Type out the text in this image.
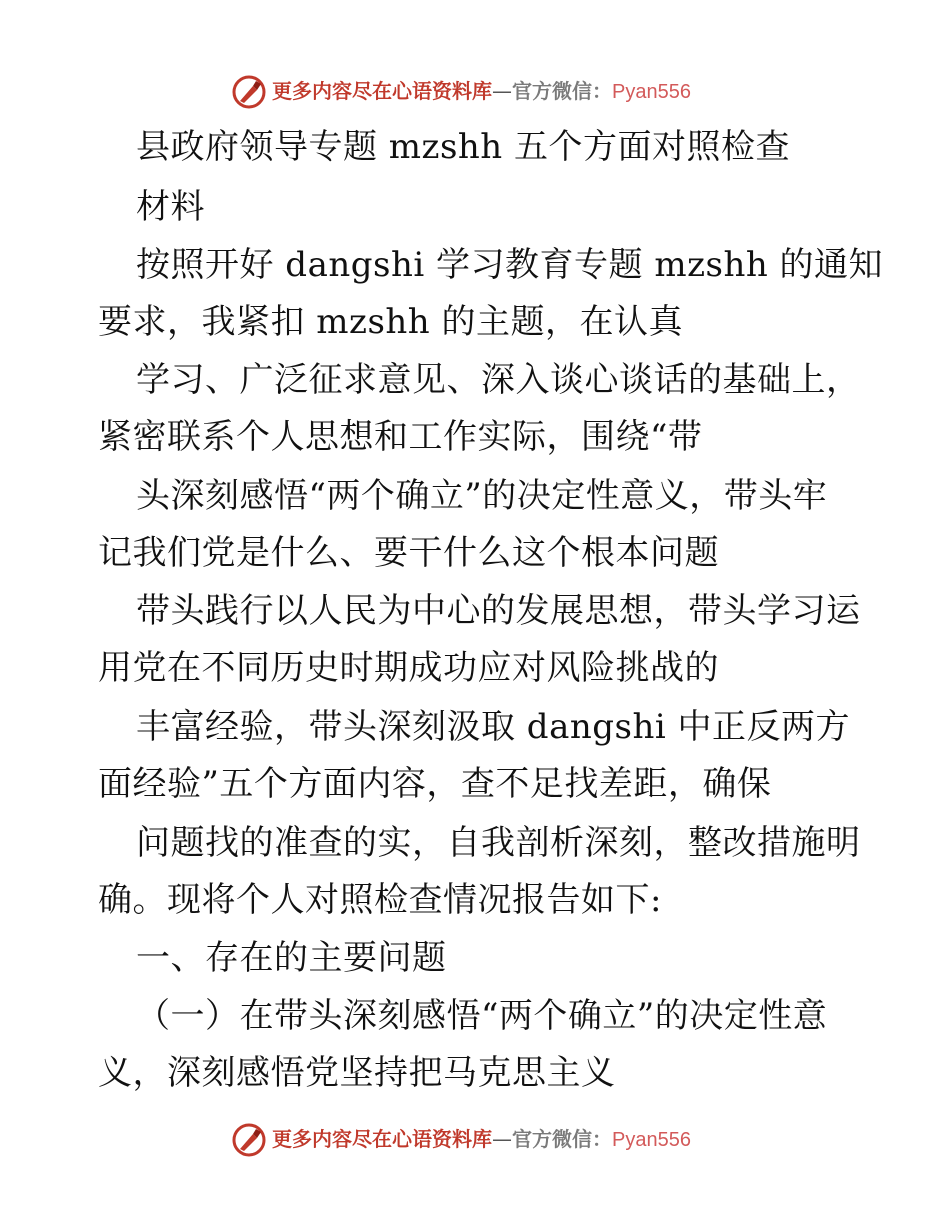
更多内容尽在心语资料库—官方微信：Pyan556
县政府领导专题 mzshh 五个方面对照检查
材料
按照开好 dangshi 学习教育专题 mzshh 的通知
要求，我紧扣 mzshh 的主题，在认真
学习、广泛征求意见、深入谈心谈话的基础上，
紧密联系个人思想和工作实际，围绕“带
头深刻感悟“两个确立”的决定性意义，带头牢
记我们党是什么、要干什么这个根本问题
带头践行以人民为中心的发展思想，带头学习运
用党在不同历史时期成功应对风险挑战的
丰富经验，带头深刻汲取 dangshi 中正反两方
面经验”五个方面内容，查不足找差距，确保
问题找的准查的实，自我剖析深刻，整改措施明
确。现将个人对照检查情况报告如下:
一、存在的主要问题
（一）在带头深刻感悟“两个确立”的决定性意
义，深刻感悟党坚持把马克思主义
更多内容尽在心语资料库—官方微信：Pyan556
